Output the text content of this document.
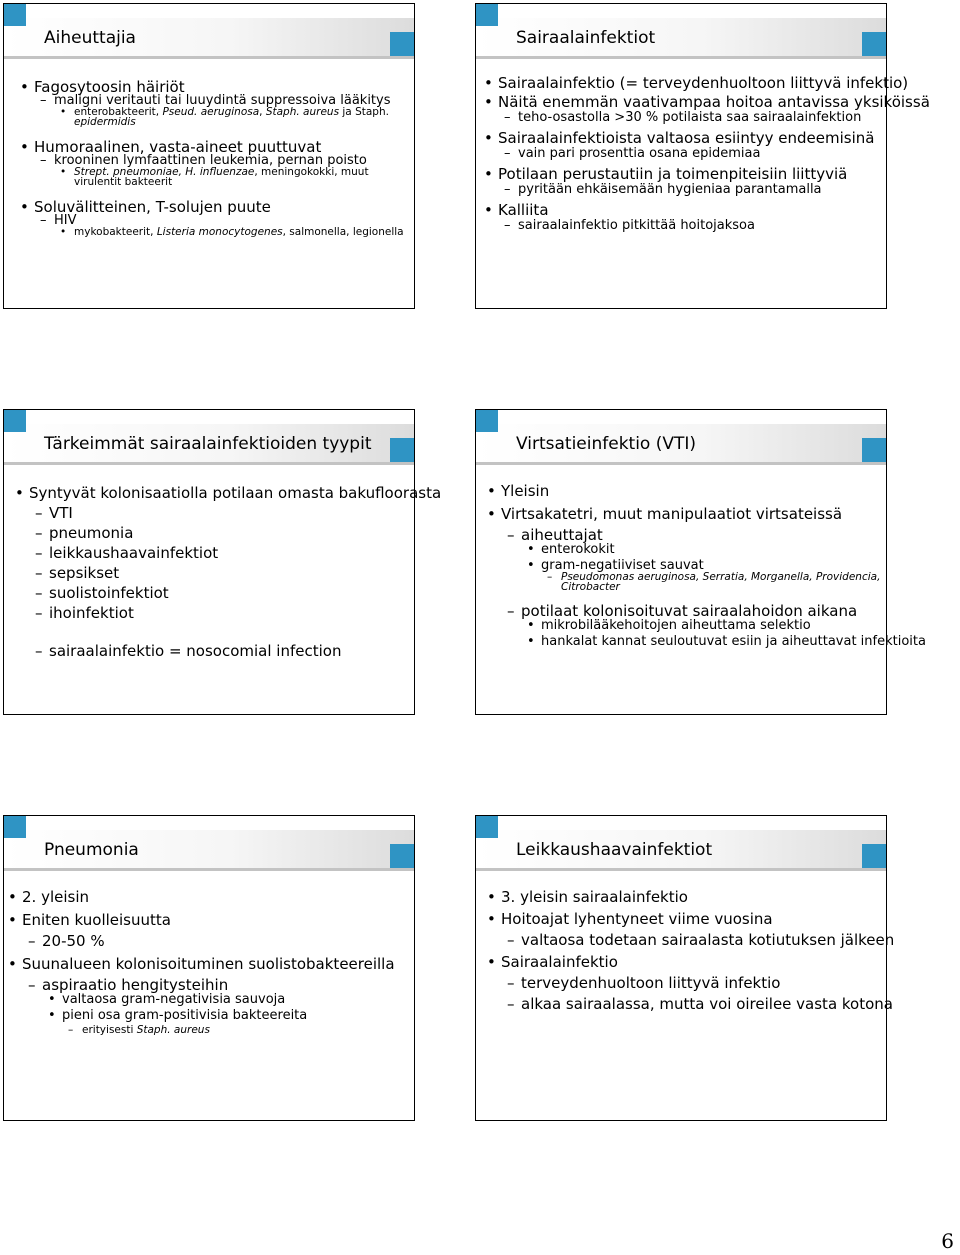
Aiheuttajia
Fagosytoosin häiriöt
•
maligni veritauti tai luuydintä suppressoiva lääkitys
–
enterobakteerit, Pseud. aeruginosa, Staph. aureus ja Staph.
•
epidermidis
Humoraalinen, vasta-aineet puuttuvat
•
krooninen lymfaattinen leukemia, pernan poisto
–
Strept. pneumoniae, H. influenzae, meningokokki, muut
•
virulentit bakteerit
Soluvälitteinen, T-solujen puute
•
HIV
–
mykobakteerit, Listeria monocytogenes, salmonella, legionella
•
Sairaalainfektiot
Sairaalainfektio (= terveydenhuoltoon liittyvä infektio)
•
Näitä enemmän vaativampaa hoitoa antavissa yksiköissä
•
teho-osastolla >30 % potilaista saa sairaalainfektion
–
Sairaalainfektioista valtaosa esiintyy endeemisinä
•
vain pari prosenttia osana epidemiaa
–
Potilaan perustautiin ja toimenpiteisiin liittyviä
•
pyritään ehkäisemään hygieniaa parantamalla
–
Kalliita
•
sairaalainfektio pitkittää hoitojaksoa
–
Tärkeimmät sairaalainfektioiden tyypit
Syntyvät kolonisaatiolla potilaan omasta bakufloorasta
•
VTI
–
pneumonia
–
leikkaushaavainfektiot
–
sepsikset
–
suolistoinfektiot
–
ihoinfektiot
–
sairaalainfektio = nosocomial infection
–
Virtsatieinfektio (VTI)
Yleisin
•
Virtsakatetri, muut manipulaatiot virtsateissä
•
aiheuttajat
–
enterokokit
•
gram-negatiiviset sauvat
•
Pseudomonas aeruginosa, Serratia, Morganella, Providencia,
–
Citrobacter
potilaat kolonisoituvat sairaalahoidon aikana
–
mikrobilääkehoitojen aiheuttama selektio
•
hankalat kannat seuloutuvat esiin ja aiheuttavat infektioita
•
Pneumonia
2. yleisin
•
Eniten kuolleisuutta
•
20-50 %
–
Suunalueen kolonisoituminen suolistobakteereilla
•
aspiraatio hengitysteihin
–
valtaosa gram-negativisia sauvoja
•
pieni osa gram-positivisia bakteereita
•
erityisesti Staph. aureus
–
Leikkaushaavainfektiot
3. yleisin sairaalainfektio
•
Hoitoajat lyhentyneet viime vuosina
•
valtaosa todetaan sairaalasta kotiutuksen jälkeen
–
Sairaalainfektio
•
terveydenhuoltoon liittyvä infektio
–
alkaa sairaalassa, mutta voi oireilee vasta kotona
–
6
